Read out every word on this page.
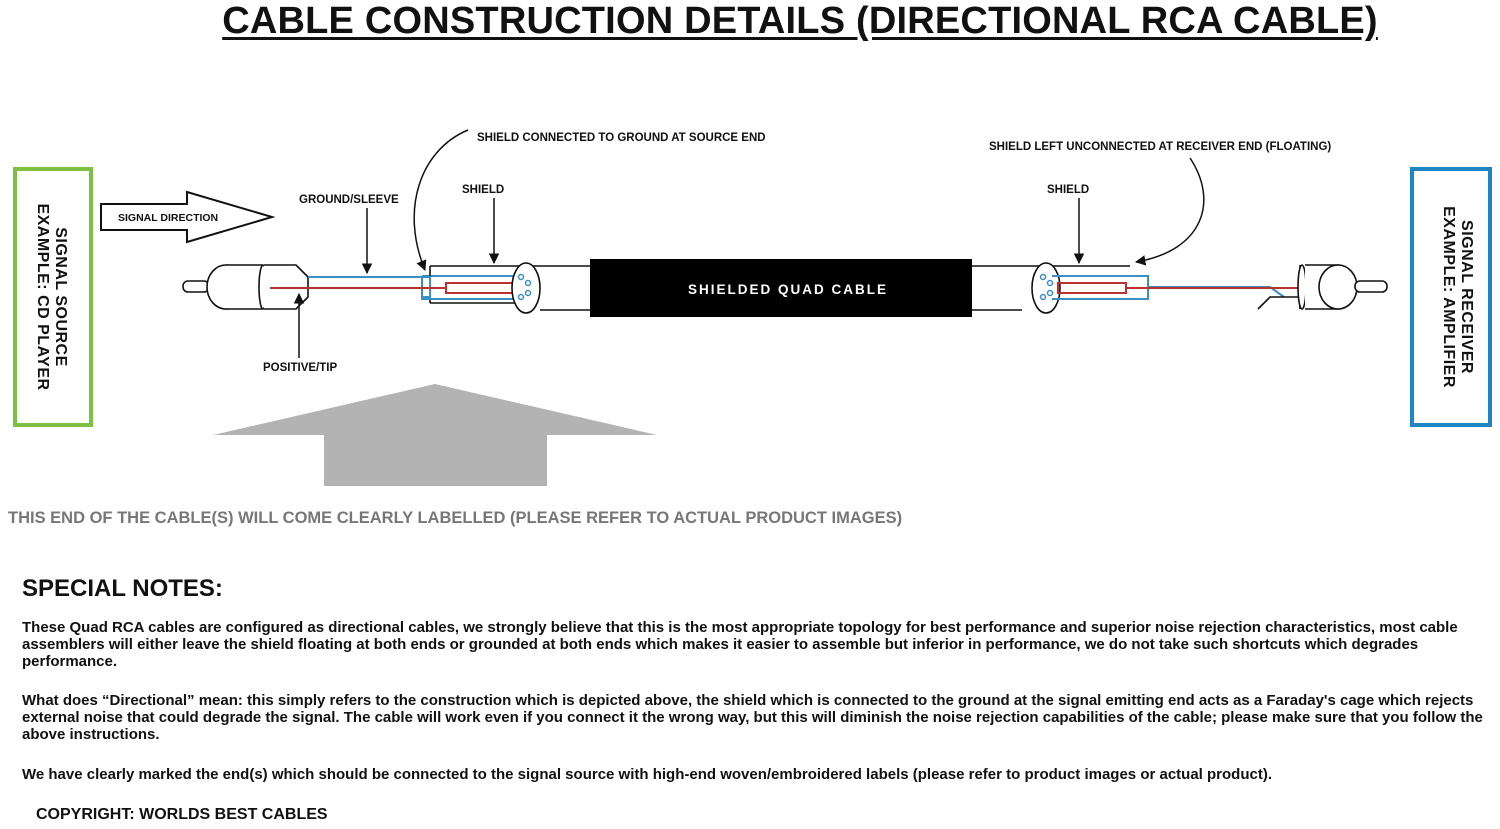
CABLE CONSTRUCTION DETAILS (DIRECTIONAL RCA CABLE)
SIGNAL SOURCE
EXAMPLE: CD PLAYER	SIGNAL RECEIVER
EXAMPLE: AMPLIFIER
SIGNAL DIRECTION
SHIELDED QUAD CABLE
GROUND/SLEEVE
SHIELD
SHIELD CONNECTED TO GROUND AT SOURCE END
SHIELD
SHIELD LEFT UNCONNECTED AT RECEIVER END (FLOATING)
POSITIVE/TIP
THIS END OF THE CABLE(S) WILL COME CLEARLY LABELLED (PLEASE REFER TO ACTUAL PRODUCT IMAGES)
SPECIAL NOTES:

These Quad RCA cables are configured as directional cables, we strongly believe that this is the most appropriate topology for best performance and superior noise rejection characteristics, most cable assemblers will either leave the shield floating at both ends or grounded at both ends which makes it easier to assemble but inferior in performance, we do not take such shortcuts which degrades performance.

What does “Directional” mean: this simply refers to the construction which is depicted above, the shield which is connected to the ground at the signal emitting end acts as a Faraday's cage which rejects external noise that could degrade the signal. The cable will work even if you connect it the wrong way, but this will diminish the noise rejection capabilities of the cable; please make sure that you follow the above instructions.

We have clearly marked the end(s) which should be connected to the signal source with high-end woven/embroidered labels (please refer to product images or actual product).

COPYRIGHT: WORLDS BEST CABLES
